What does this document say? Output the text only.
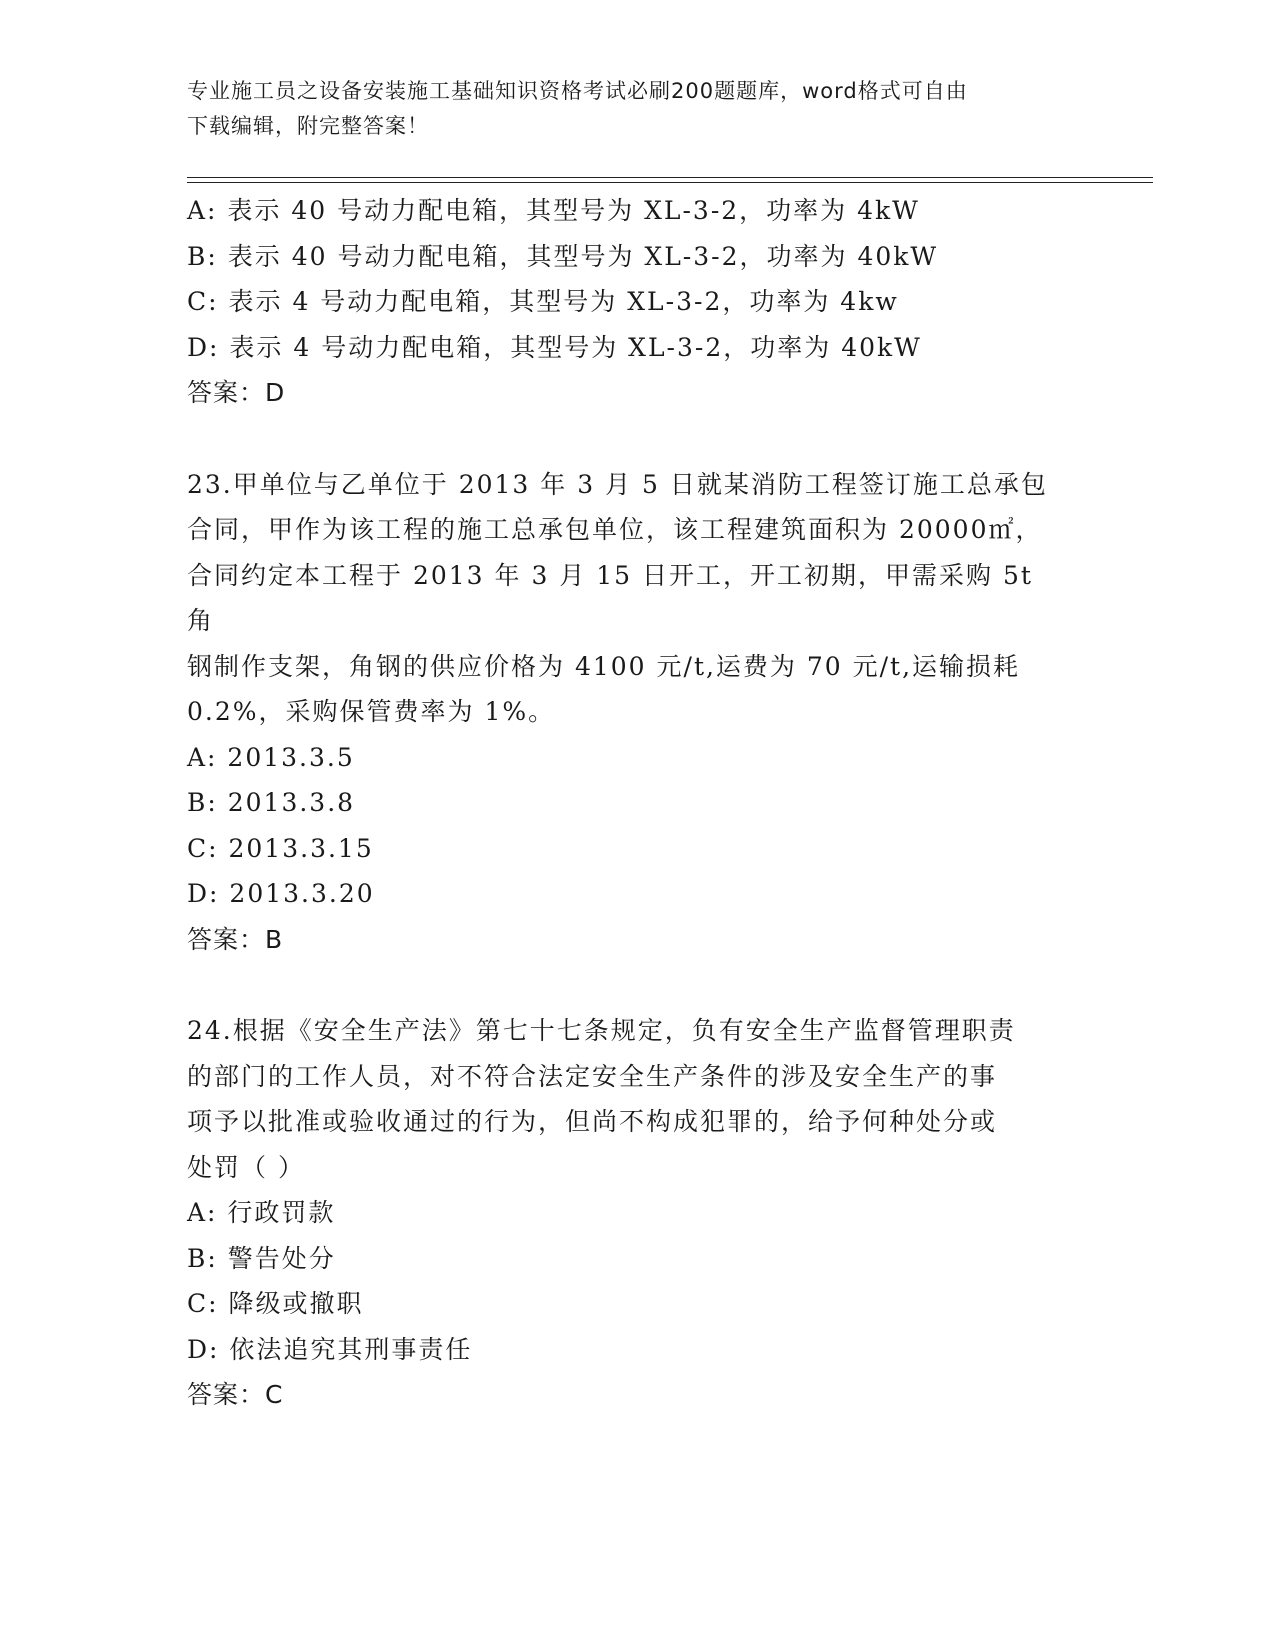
专业施工员之设备安装施工基础知识资格考试必刷200题题库，word格式可自由
下载编辑，附完整答案！
A: 表示 40 号动力配电箱，其型号为 XL-3-2，功率为 4kW
B: 表示 40 号动力配电箱，其型号为 XL-3-2，功率为 40kW
C: 表示 4 号动力配电箱，其型号为 XL-3-2，功率为 4kw
D: 表示 4 号动力配电箱，其型号为 XL-3-2，功率为 40kW
答案：D
23.甲单位与乙单位于 2013 年 3 月 5 日就某消防工程签订施工总承包
合同，甲作为该工程的施工总承包单位，该工程建筑面积为 20000㎡，
合同约定本工程于 2013 年 3 月 15 日开工，开工初期，甲需采购 5t 角
钢制作支架，角钢的供应价格为 4100 元/t,运费为 70 元/t,运输损耗
0.2%，采购保管费率为 1%。
A: 2013.3.5
B: 2013.3.8
C: 2013.3.15
D: 2013.3.20
答案：B
24.根据《安全生产法》第七十七条规定，负有安全生产监督管理职责
的部门的工作人员，对不符合法定安全生产条件的涉及安全生产的事
项予以批准或验收通过的行为，但尚不构成犯罪的，给予何种处分或
处罚（ ）
A: 行政罚款
B: 警告处分
C: 降级或撤职
D: 依法追究其刑事责任
答案：C
